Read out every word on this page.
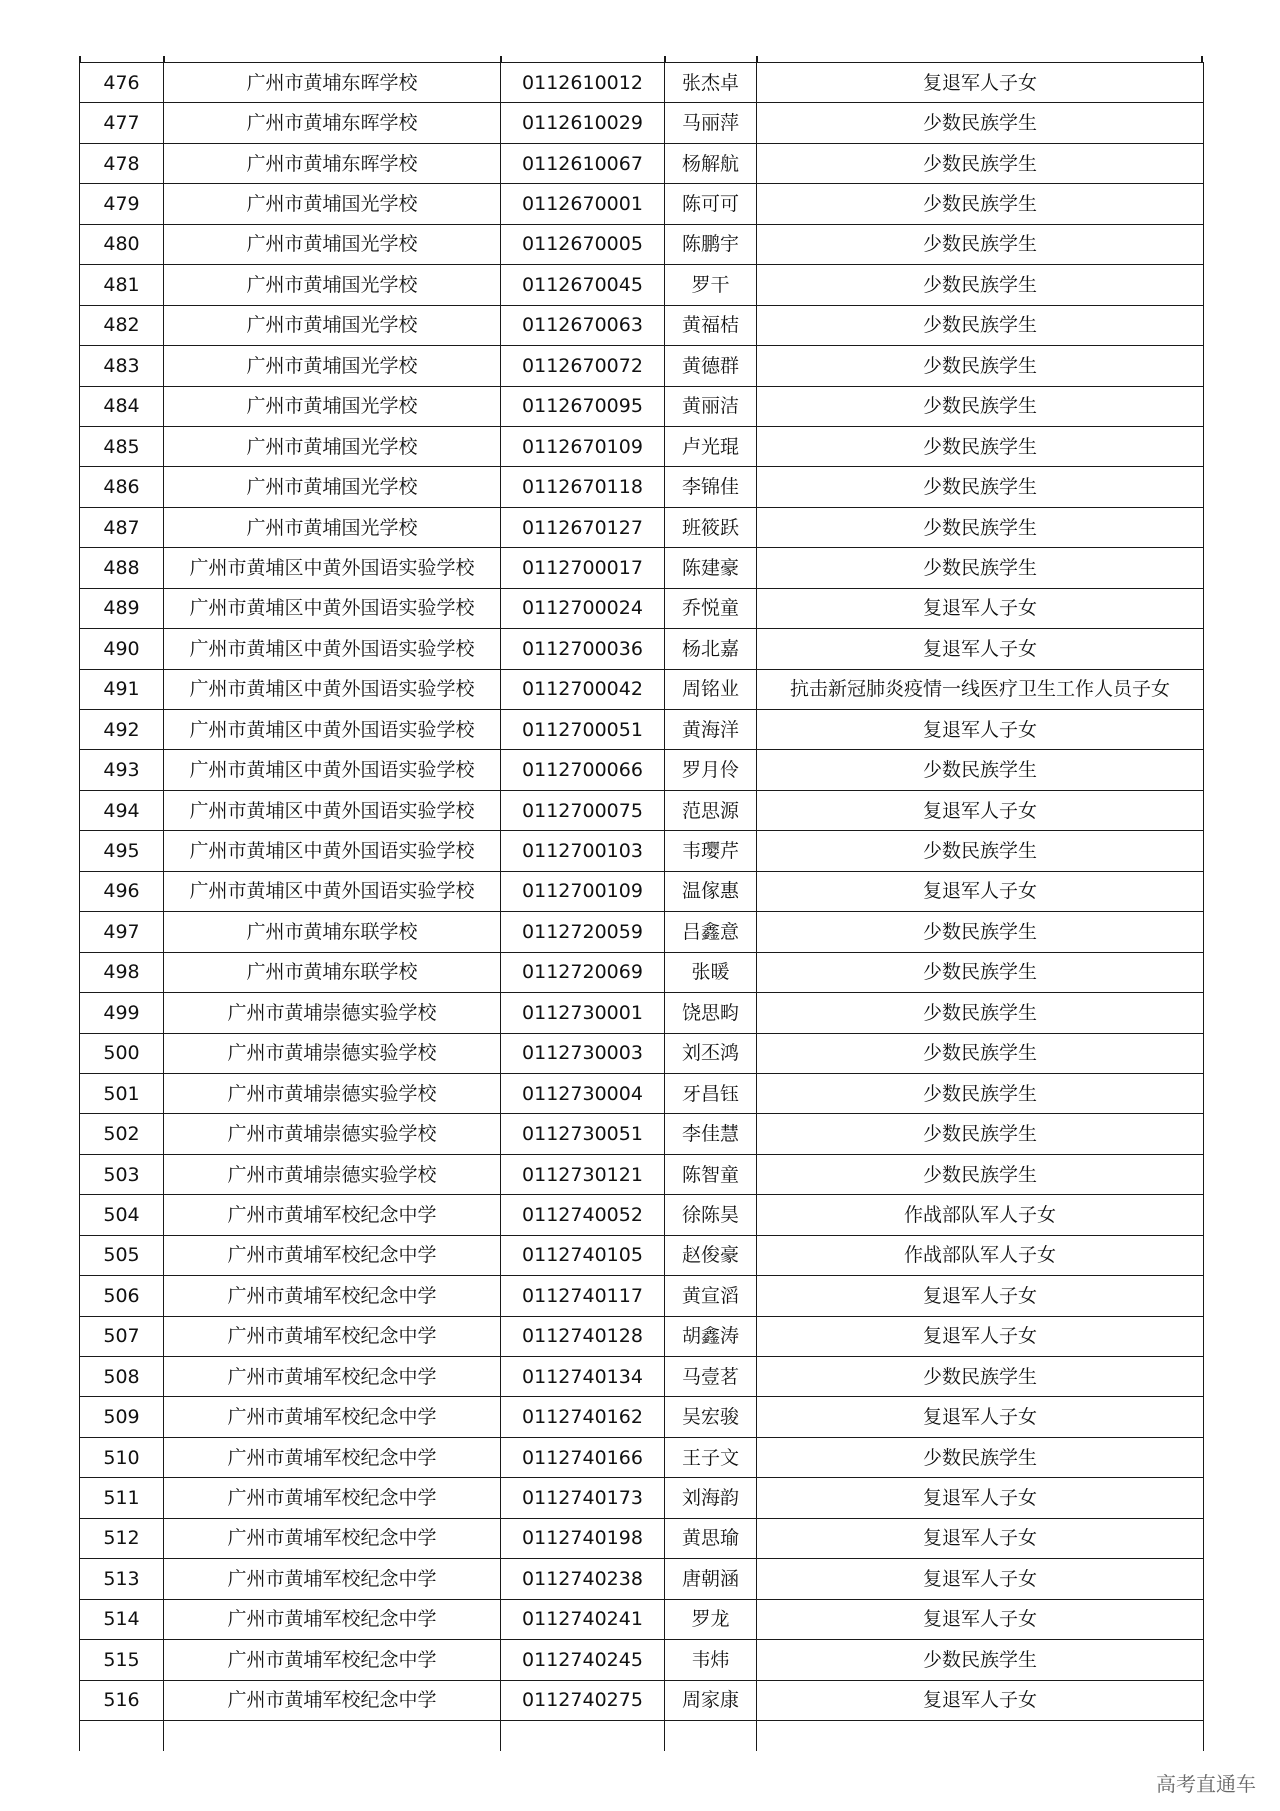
476	广州市黄埔东晖学校	0112610012	张杰卓	复退军人子女
477	广州市黄埔东晖学校	0112610029	马丽萍	少数民族学生
478	广州市黄埔东晖学校	0112610067	杨解航	少数民族学生
479	广州市黄埔国光学校	0112670001	陈可可	少数民族学生
480	广州市黄埔国光学校	0112670005	陈鹏宇	少数民族学生
481	广州市黄埔国光学校	0112670045	罗干	少数民族学生
482	广州市黄埔国光学校	0112670063	黄福桔	少数民族学生
483	广州市黄埔国光学校	0112670072	黄德群	少数民族学生
484	广州市黄埔国光学校	0112670095	黄丽洁	少数民族学生
485	广州市黄埔国光学校	0112670109	卢光琨	少数民族学生
486	广州市黄埔国光学校	0112670118	李锦佳	少数民族学生
487	广州市黄埔国光学校	0112670127	班筱跃	少数民族学生
488	广州市黄埔区中黄外国语实验学校	0112700017	陈建豪	少数民族学生
489	广州市黄埔区中黄外国语实验学校	0112700024	乔悦童	复退军人子女
490	广州市黄埔区中黄外国语实验学校	0112700036	杨北嘉	复退军人子女
491	广州市黄埔区中黄外国语实验学校	0112700042	周铭业	抗击新冠肺炎疫情一线医疗卫生工作人员子女
492	广州市黄埔区中黄外国语实验学校	0112700051	黄海洋	复退军人子女
493	广州市黄埔区中黄外国语实验学校	0112700066	罗月伶	少数民族学生
494	广州市黄埔区中黄外国语实验学校	0112700075	范思源	复退军人子女
495	广州市黄埔区中黄外国语实验学校	0112700103	韦璎芹	少数民族学生
496	广州市黄埔区中黄外国语实验学校	0112700109	温傢惠	复退军人子女
497	广州市黄埔东联学校	0112720059	吕鑫意	少数民族学生
498	广州市黄埔东联学校	0112720069	张暖	少数民族学生
499	广州市黄埔崇德实验学校	0112730001	饶思畇	少数民族学生
500	广州市黄埔崇德实验学校	0112730003	刘丕鸿	少数民族学生
501	广州市黄埔崇德实验学校	0112730004	牙昌钰	少数民族学生
502	广州市黄埔崇德实验学校	0112730051	李佳慧	少数民族学生
503	广州市黄埔崇德实验学校	0112730121	陈智童	少数民族学生
504	广州市黄埔军校纪念中学	0112740052	徐陈昊	作战部队军人子女
505	广州市黄埔军校纪念中学	0112740105	赵俊豪	作战部队军人子女
506	广州市黄埔军校纪念中学	0112740117	黄宣滔	复退军人子女
507	广州市黄埔军校纪念中学	0112740128	胡鑫涛	复退军人子女
508	广州市黄埔军校纪念中学	0112740134	马壹茗	少数民族学生
509	广州市黄埔军校纪念中学	0112740162	吴宏骏	复退军人子女
510	广州市黄埔军校纪念中学	0112740166	王子文	少数民族学生
511	广州市黄埔军校纪念中学	0112740173	刘海韵	复退军人子女
512	广州市黄埔军校纪念中学	0112740198	黄思瑜	复退军人子女
513	广州市黄埔军校纪念中学	0112740238	唐朝涵	复退军人子女
514	广州市黄埔军校纪念中学	0112740241	罗龙	复退军人子女
515	广州市黄埔军校纪念中学	0112740245	韦炜	少数民族学生
516	广州市黄埔军校纪念中学	0112740275	周家康	复退军人子女

高考直通车
